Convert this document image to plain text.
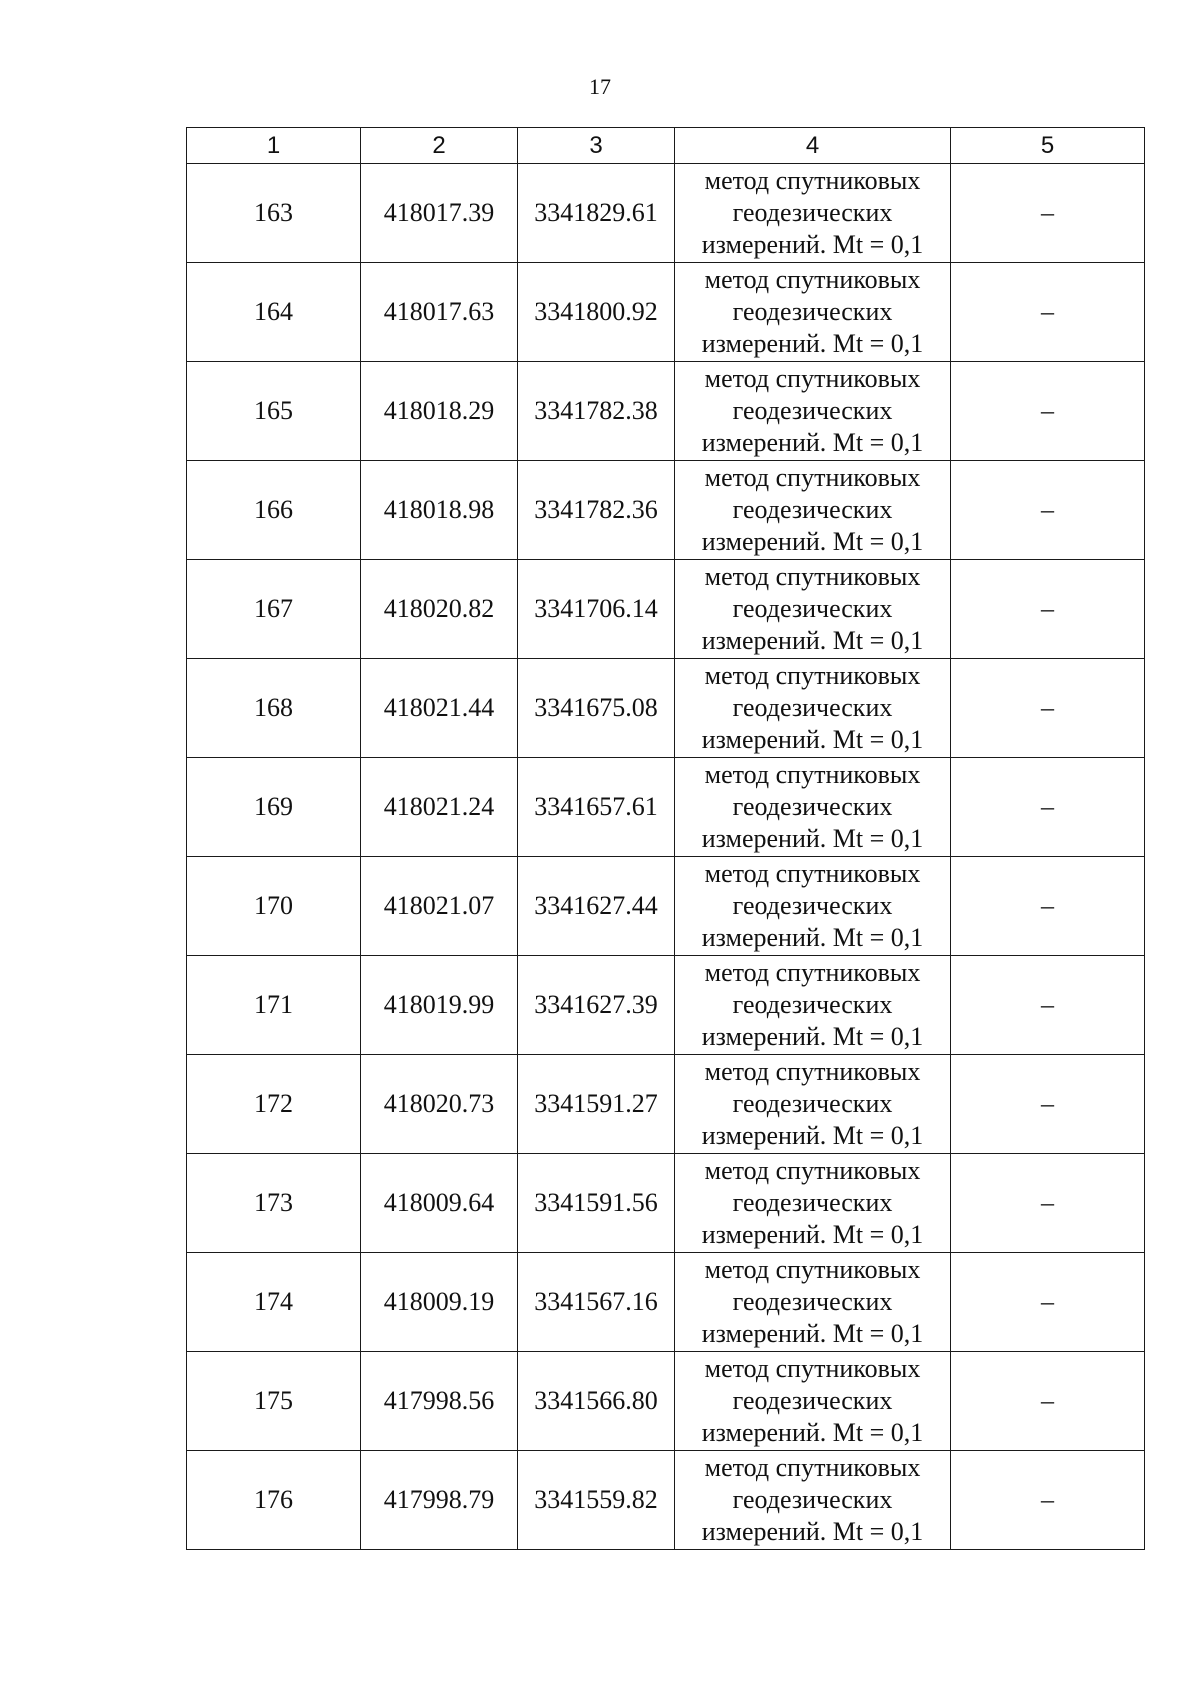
17
1	2	3	4	5
163	418017.39	3341829.61	метод спутниковых
геодезических
измерений. Mt = 0,1	–
164	418017.63	3341800.92	метод спутниковых
геодезических
измерений. Mt = 0,1	–
165	418018.29	3341782.38	метод спутниковых
геодезических
измерений. Mt = 0,1	–
166	418018.98	3341782.36	метод спутниковых
геодезических
измерений. Mt = 0,1	–
167	418020.82	3341706.14	метод спутниковых
геодезических
измерений. Mt = 0,1	–
168	418021.44	3341675.08	метод спутниковых
геодезических
измерений. Mt = 0,1	–
169	418021.24	3341657.61	метод спутниковых
геодезических
измерений. Mt = 0,1	–
170	418021.07	3341627.44	метод спутниковых
геодезических
измерений. Mt = 0,1	–
171	418019.99	3341627.39	метод спутниковых
геодезических
измерений. Mt = 0,1	–
172	418020.73	3341591.27	метод спутниковых
геодезических
измерений. Mt = 0,1	–
173	418009.64	3341591.56	метод спутниковых
геодезических
измерений. Mt = 0,1	–
174	418009.19	3341567.16	метод спутниковых
геодезических
измерений. Mt = 0,1	–
175	417998.56	3341566.80	метод спутниковых
геодезических
измерений. Mt = 0,1	–
176	417998.79	3341559.82	метод спутниковых
геодезических
измерений. Mt = 0,1	–
